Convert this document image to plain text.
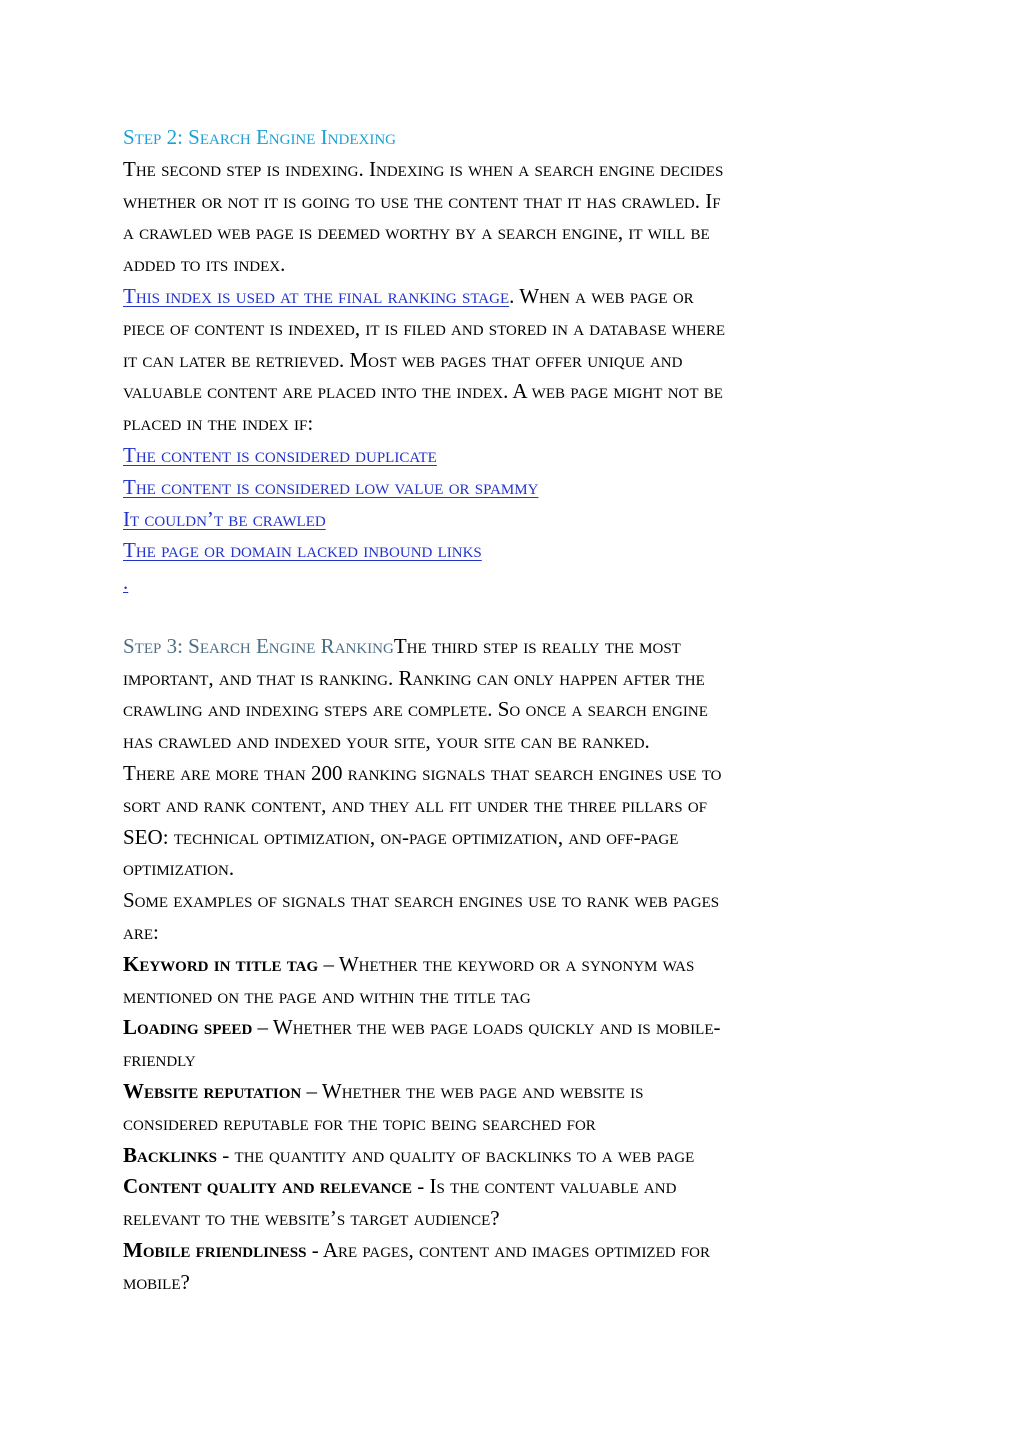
Step 2: Search Engine Indexing
The second step is indexing. Indexing is when a search engine decides
whether or not it is going to use the content that it has crawled. If
a crawled web page is deemed worthy by a search engine, it will be
added to its index.
This index is used at the final ranking stage. When a web page or
piece of content is indexed, it is filed and stored in a database where
it can later be retrieved. Most web pages that offer unique and
valuable content are placed into the index. A web page might not be
placed in the index if:
The content is considered duplicate
The content is considered low value or spammy
It couldn’t be crawled
The page or domain lacked inbound links
.
Step 3: Search Engine RankingThe third step is really the most
important, and that is ranking. Ranking can only happen after the
crawling and indexing steps are complete. So once a search engine
has crawled and indexed your site, your site can be ranked.
There are more than 200 ranking signals that search engines use to
sort and rank content, and they all fit under the three pillars of
SEO: technical optimization, on-page optimization, and off-page
optimization.
Some examples of signals that search engines use to rank web pages
are:
Keyword in title tag – Whether the keyword or a synonym was
mentioned on the page and within the title tag
Loading speed – Whether the web page loads quickly and is mobile-
friendly
Website reputation – Whether the web page and website is
considered reputable for the topic being searched for
Backlinks - the quantity and quality of backlinks to a web page
Content quality and relevance - Is the content valuable and
relevant to the website’s target audience?
Mobile friendliness - Are pages, content and images optimized for
mobile?
